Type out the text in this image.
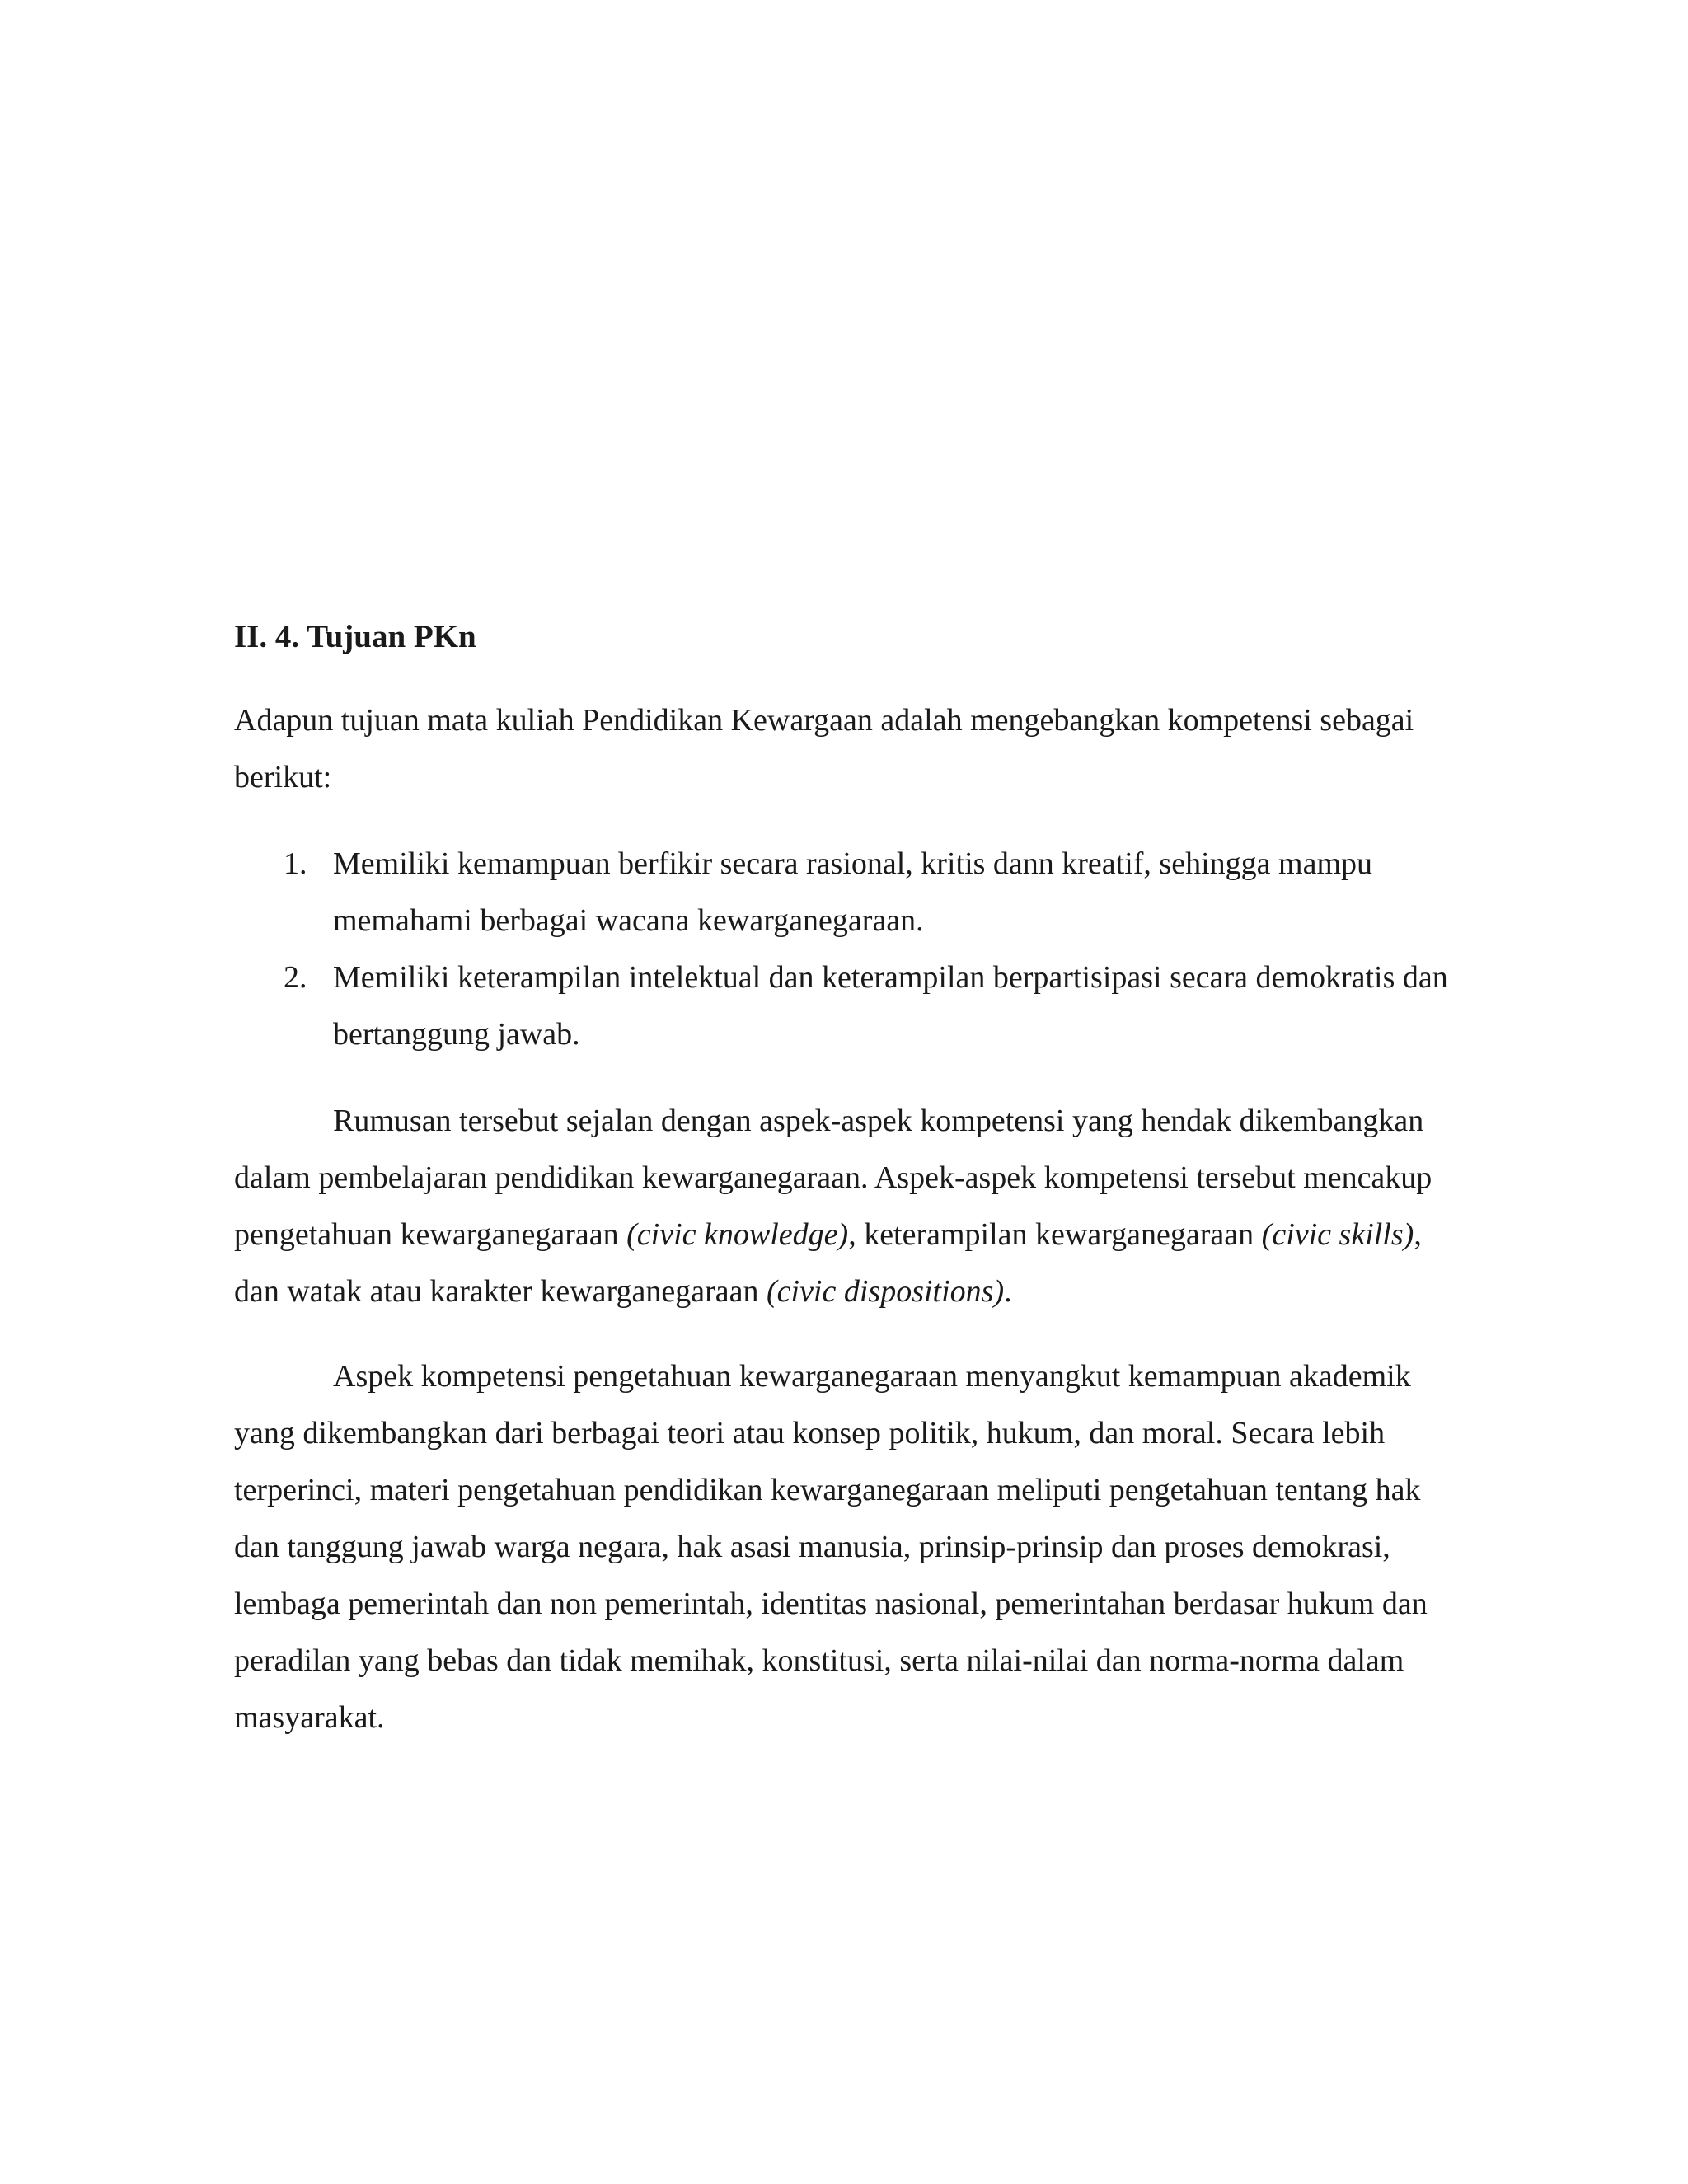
II. 4. Tujuan PKn

Adapun tujuan mata kuliah Pendidikan Kewargaan adalah mengebangkan kompetensi sebagai berikut:

1. Memiliki kemampuan berfikir secara rasional, kritis dann kreatif, sehingga mampu memahami berbagai wacana kewarganegaraan.
2. Memiliki keterampilan intelektual dan keterampilan berpartisipasi secara demokratis dan bertanggung jawab.

Rumusan tersebut sejalan dengan aspek-aspek kompetensi yang hendak dikembangkan dalam pembelajaran pendidikan kewarganegaraan. Aspek-aspek kompetensi tersebut mencakup pengetahuan kewarganegaraan (civic knowledge), keterampilan kewarganegaraan (civic skills), dan watak atau karakter kewarganegaraan (civic dispositions).

Aspek kompetensi pengetahuan kewarganegaraan menyangkut kemampuan akademik yang dikembangkan dari berbagai teori atau konsep politik, hukum, dan moral. Secara lebih terperinci, materi pengetahuan pendidikan kewarganegaraan meliputi pengetahuan tentang hak dan tanggung jawab warga negara, hak asasi manusia, prinsip-prinsip dan proses demokrasi, lembaga pemerintah dan non pemerintah, identitas nasional, pemerintahan berdasar hukum dan peradilan yang bebas dan tidak memihak, konstitusi, serta nilai-nilai dan norma-norma dalam masyarakat.
